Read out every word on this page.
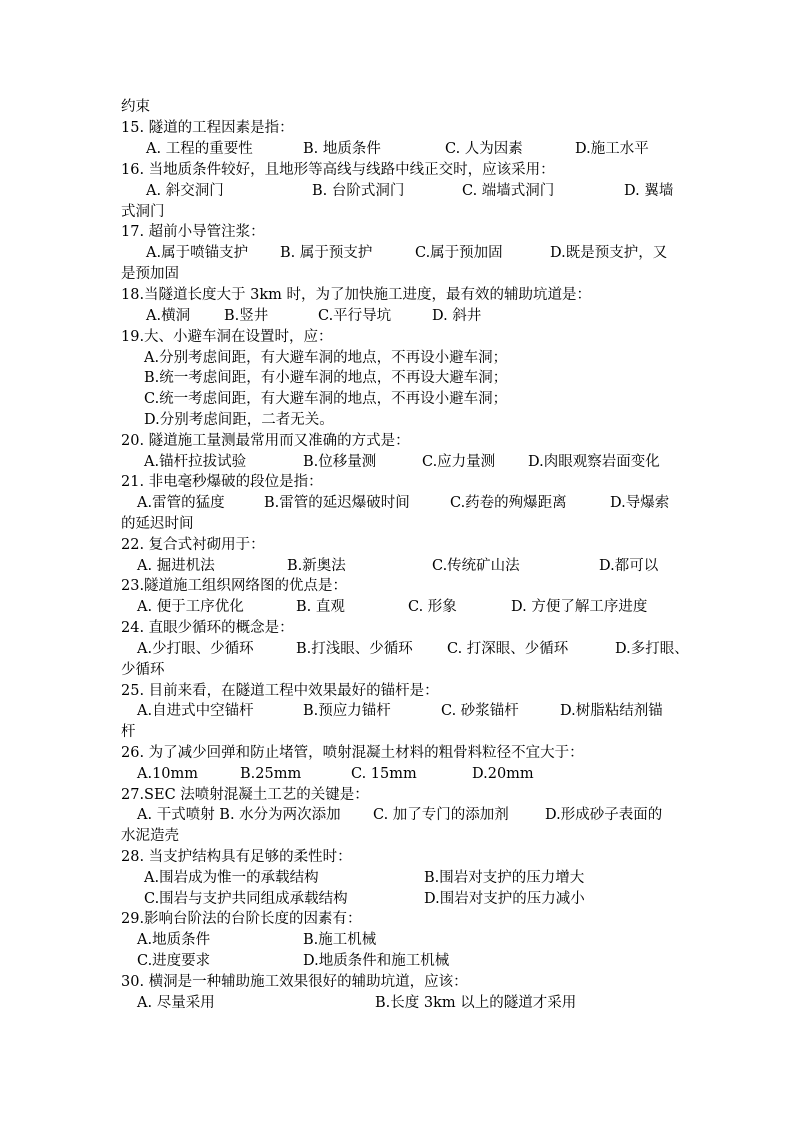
约束
15. 隧道的工程因素是指：
A. 工程的重要性	B. 地质条件	C. 人为因素	D.施工水平
16. 当地质条件较好，且地形等高线与线路中线正交时，应该采用：
A. 斜交洞门	B. 台阶式洞门	C. 端墙式洞门	D. 翼墙
式洞门
17. 超前小导管注浆：
A.属于喷锚支护 B. 属于预支护	C.属于预加固	D.既是预支护，又
是预加固
18.当隧道长度大于 3km 时，为了加快施工进度，最有效的辅助坑道是：
A.横洞 B.竖井	C.平行导坑	D. 斜井
19.大、小避车洞在设置时，应：
A.分别考虑间距，有大避车洞的地点，不再设小避车洞；
B.统一考虑间距，有小避车洞的地点，不再设大避车洞；
C.统一考虑间距，有大避车洞的地点，不再设小避车洞；
D.分别考虑间距，二者无关。
20. 隧道施工量测最常用而又准确的方式是：
A.锚杆拉拔试验	B.位移量测	C.应力量测 D.肉眼观察岩面变化
21. 非电毫秒爆破的段位是指：
A.雷管的猛度	B.雷管的延迟爆破时间	C.药卷的殉爆距离	D.导爆索
的延迟时间
22. 复合式衬砌用于：
A. 掘进机法	B.新奥法	C.传统矿山法	D.都可以
23.隧道施工组织网络图的优点是：
A. 便于工序优化	B. 直观	C. 形象	D. 方便了解工序进度
24. 直眼少循环的概念是：
A.少打眼、少循环	B.打浅眼、少循环 C. 打深眼、少循环	D.多打眼、
少循环
25. 目前来看，在隧道工程中效果最好的锚杆是：
A.自进式中空锚杆	B.预应力锚杆	C. 砂浆锚杆	D.树脂粘结剂锚
杆
26. 为了减少回弹和防止堵管，喷射混凝土材料的粗骨料粒径不宜大于：
A.10mm	B.25mm	C. 15mm	D.20mm
27.SEC 法喷射混凝土工艺的关键是：
A. 干式喷射 B. 水分为两次添加 C. 加了专门的添加剂 D.形成砂子表面的
水泥造壳
28. 当支护结构具有足够的柔性时：
A.围岩成为惟一的承载结构	B.围岩对支护的压力增大
C.围岩与支护共同组成承载结构	D.围岩对支护的压力减小
29.影响台阶法的台阶长度的因素有：
A.地质条件	B.施工机械
C.进度要求	D.地质条件和施工机械
30. 横洞是一种辅助施工效果很好的辅助坑道，应该：
A. 尽量采用	B.长度 3km 以上的隧道才采用
